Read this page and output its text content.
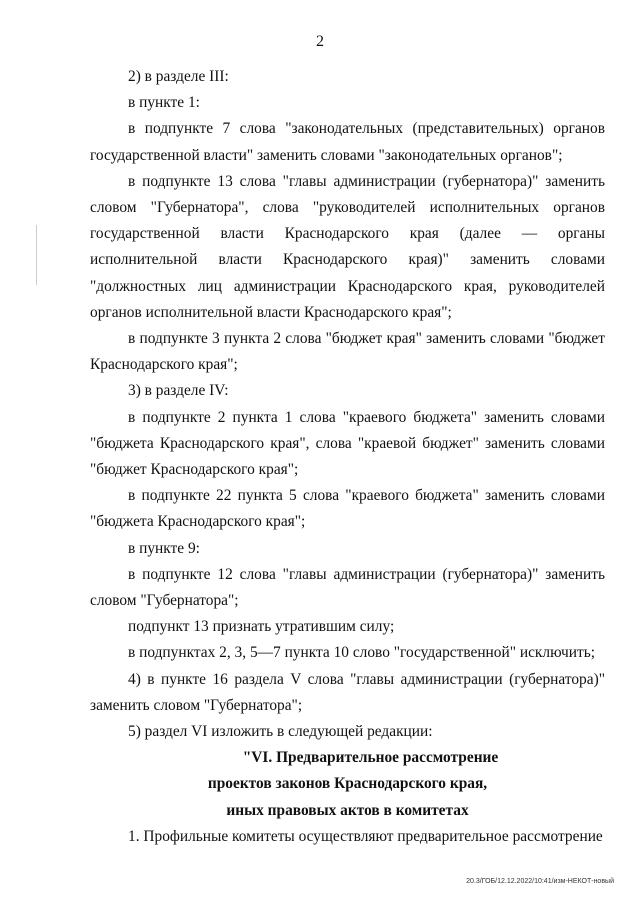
2

2) в разделе III:

в пункте 1:

в подпункте 7 слова "законодательных (представительных) органов государственной власти" заменить словами "законодательных органов";

в подпункте 13 слова "главы администрации (губернатора)" заменить словом "Губернатора", слова "руководителей исполнительных органов государственной власти Краснодарского края (далее — органы исполнительной власти Краснодарского края)" заменить словами "должностных лиц администрации Краснодарского края, руководителей органов исполнительной власти Краснодарского края";

в подпункте 3 пункта 2 слова "бюджет края" заменить словами "бюджет Краснодарского края";

3) в разделе IV:

в подпункте 2 пункта 1 слова "краевого бюджета" заменить словами "бюджета Краснодарского края", слова "краевой бюджет" заменить словами "бюджет Краснодарского края";

в подпункте 22 пункта 5 слова "краевого бюджета" заменить словами "бюджета Краснодарского края";

в пункте 9:

в подпункте 12 слова "главы администрации (губернатора)" заменить словом "Губернатора";

подпункт 13 признать утратившим силу;

в подпунктах 2, 3, 5—7 пункта 10 слово "государственной" исключить;

4) в пункте 16 раздела V слова "главы администрации (губернатора)" заменить словом "Губернатора";

5) раздел VI изложить в следующей редакции:

"VI. Предварительное рассмотрение

проектов законов Краснодарского края,

иных правовых актов в комитетах

1. Профильные комитеты осуществляют предварительное рассмотрение

20.3/ГОБ/12.12.2022/10:41/изм-НЕКОТ-новый
